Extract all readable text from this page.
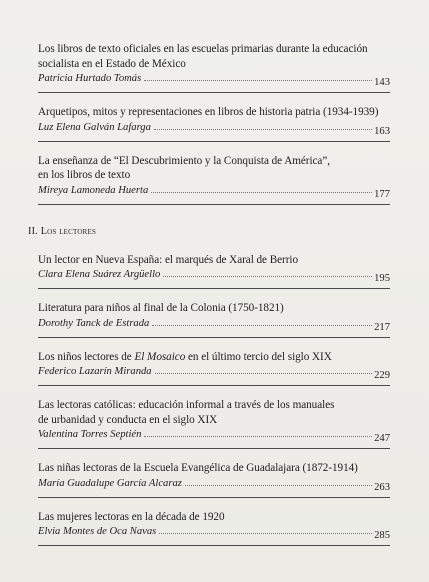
Los libros de texto oficiales en las escuelas primarias durante la educación
socialista en el Estado de México
Patricia Hurtado Tomás	143
Arquetipos, mitos y representaciones en libros de historia patria (1934-1939)
Luz Elena Galván Lafarga	163
La enseñanza de “El Descubrimiento y la Conquista de América”,
en los libros de texto
Mireya Lamoneda Huerta	177
II. Los lectores
Un lector en Nueva España: el marqués de Xaral de Berrio
Clara Elena Suárez Argüello	195
Literatura para niños al final de la Colonia (1750-1821)
Dorothy Tanck de Estrada	217
Los niños lectores de El Mosaico en el último tercio del siglo XIX
Federico Lazarín Miranda	229
Las lectoras católicas: educación informal a través de los manuales
de urbanidad y conducta en el siglo XIX
Valentina Torres Septién	247
Las niñas lectoras de la Escuela Evangélica de Guadalajara (1872-1914)
María Guadalupe García Alcaraz	263
Las mujeres lectoras en la década de 1920
Elvia Montes de Oca Navas	285
